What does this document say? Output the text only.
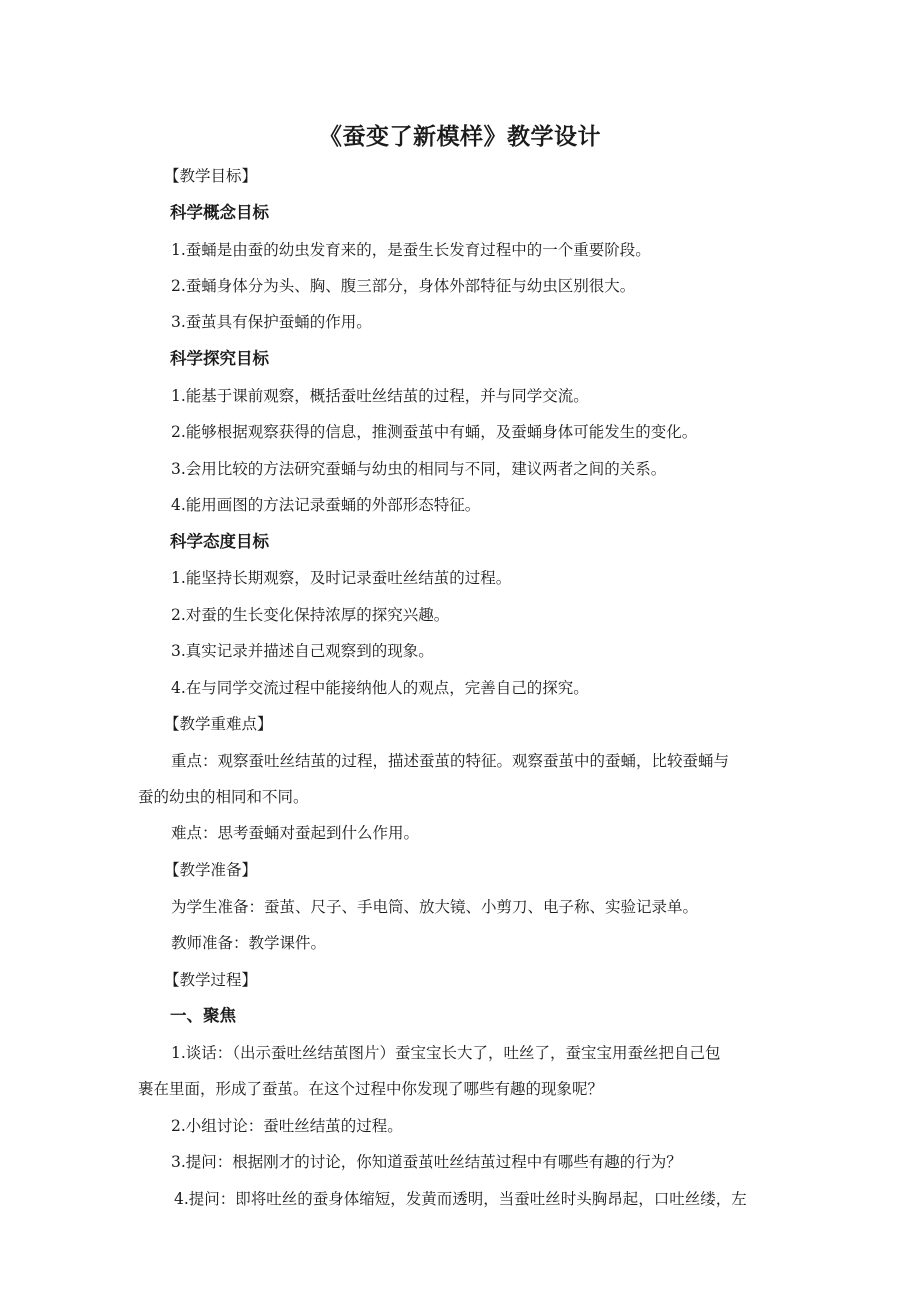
《蚕变了新模样》教学设计
【教学目标】
科学概念目标
1.蚕蛹是由蚕的幼虫发育来的，是蚕生长发育过程中的一个重要阶段。
2.蚕蛹身体分为头、胸、腹三部分，身体外部特征与幼虫区别很大。
3.蚕茧具有保护蚕蛹的作用。
科学探究目标
1.能基于课前观察，概括蚕吐丝结茧的过程，并与同学交流。
2.能够根据观察获得的信息，推测蚕茧中有蛹，及蚕蛹身体可能发生的变化。
3.会用比较的方法研究蚕蛹与幼虫的相同与不同，建议两者之间的关系。
4.能用画图的方法记录蚕蛹的外部形态特征。
科学态度目标
1.能坚持长期观察，及时记录蚕吐丝结茧的过程。
2.对蚕的生长变化保持浓厚的探究兴趣。
3.真实记录并描述自己观察到的现象。
4.在与同学交流过程中能接纳他人的观点，完善自己的探究。
【教学重难点】
重点：观察蚕吐丝结茧的过程，描述蚕茧的特征。观察蚕茧中的蚕蛹，比较蚕蛹与
蚕的幼虫的相同和不同。
难点：思考蚕蛹对蚕起到什么作用。
【教学准备】
为学生准备：蚕茧、尺子、手电筒、放大镜、小剪刀、电子称、实验记录单。
教师准备：教学课件。
【教学过程】
一、聚焦
1.谈话：（出示蚕吐丝结茧图片）蚕宝宝长大了，吐丝了，蚕宝宝用蚕丝把自己包
裹在里面，形成了蚕茧。在这个过程中你发现了哪些有趣的现象呢？
2.小组讨论：蚕吐丝结茧的过程。
3.提问：根据刚才的讨论，你知道蚕茧吐丝结茧过程中有哪些有趣的行为？
4.提问：即将吐丝的蚕身体缩短，发黄而透明，当蚕吐丝时头胸昂起，口吐丝缕，左
